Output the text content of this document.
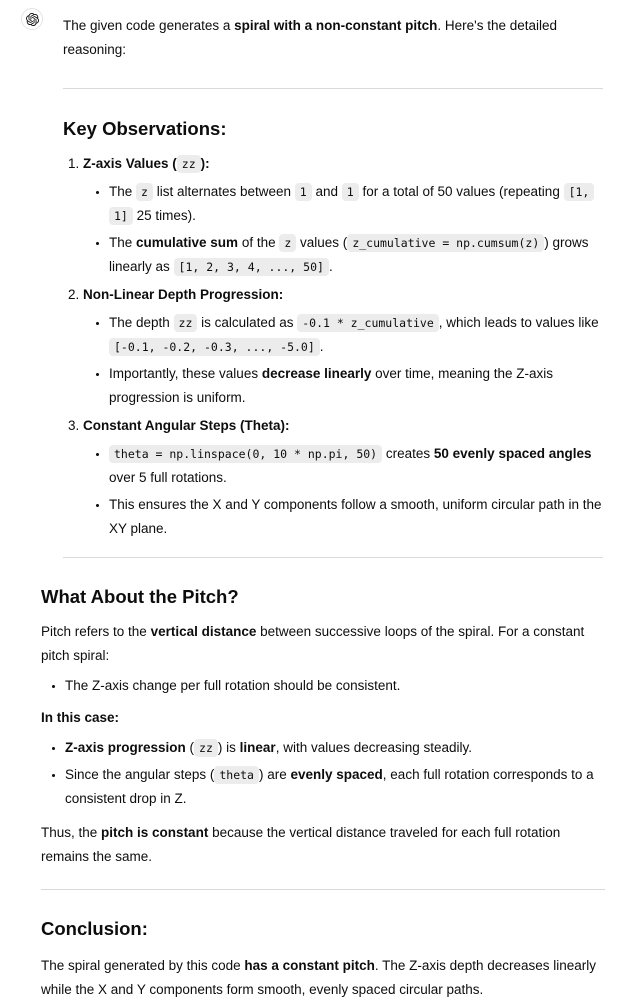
The given code generates a spiral with a non-constant pitch. Here's the detailed reasoning:

Key Observations:

1. Z-axis Values ( zz ):

• The z list alternates between 1 and 1 for a total of 50 values (repeating [1, 1] 25 times).
• The cumulative sum of the z values ( z_cumulative = np.cumsum(z) ) grows linearly as [1, 2, 3, 4, ..., 50] .

2. Non-Linear Depth Progression:

• The depth zz is calculated as -0.1 * z_cumulative , which leads to values like [-0.1, -0.2, -0.3, ..., -5.0] .
• Importantly, these values decrease linearly over time, meaning the Z-axis progression is uniform.

3. Constant Angular Steps (Theta):

• theta = np.linspace(0, 10 * np.pi, 50) creates 50 evenly spaced angles over 5 full rotations.
• This ensures the X and Y components follow a smooth, uniform circular path in the XY plane.
What About the Pitch?

Pitch refers to the vertical distance between successive loops of the spiral. For a constant pitch spiral:

• The Z-axis change per full rotation should be consistent.

In this case:

• Z-axis progression ( zz ) is linear, with values decreasing steadily.
• Since the angular steps ( theta ) are evenly spaced, each full rotation corresponds to a consistent drop in Z.

Thus, the pitch is constant because the vertical distance traveled for each full rotation remains the same.

Conclusion:

The spiral generated by this code has a constant pitch. The Z-axis depth decreases linearly while the X and Y components form smooth, evenly spaced circular paths.
